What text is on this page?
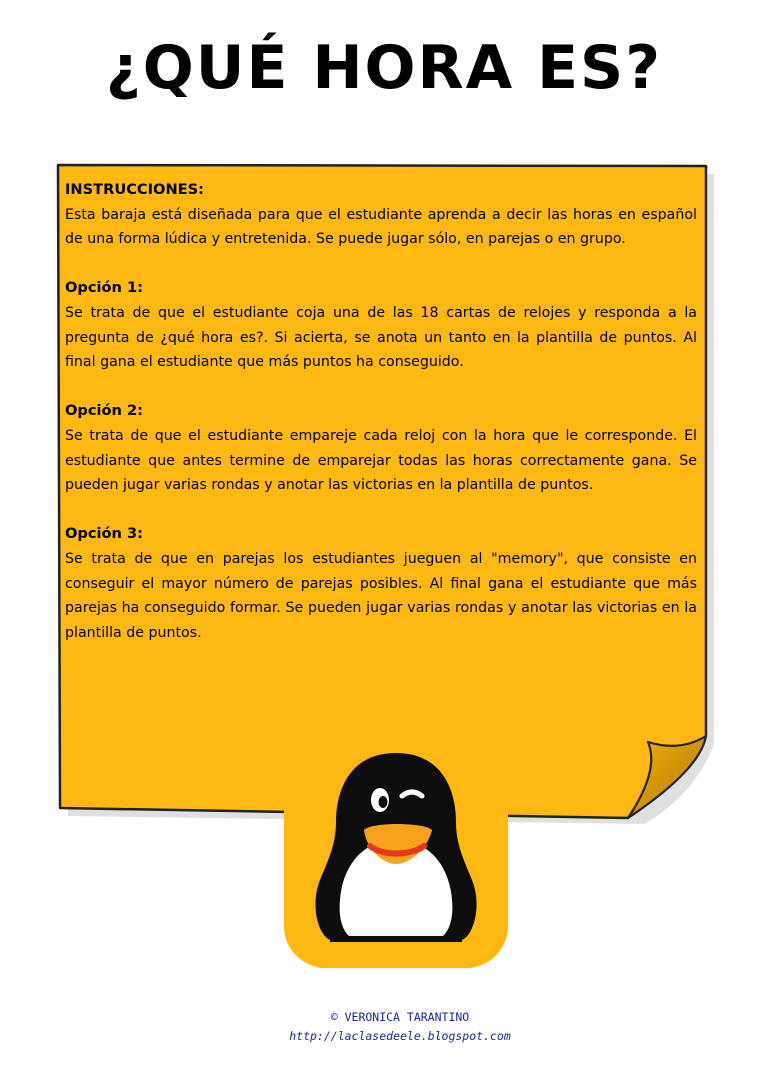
¿QUÉ HORA ES?
INSTRUCCIONES:

Esta baraja está diseñada para que el estudiante aprenda a decir las horas en español de una forma lúdica y entretenida. Se puede jugar sólo, en parejas o en grupo.

Opción 1:

Se trata de que el estudiante coja una de las 18 cartas de relojes y responda a la pregunta de ¿qué hora es?. Si acierta, se anota un tanto en la plantilla de puntos. Al final gana el estudiante que más puntos ha conseguido.

Opción 2:

Se trata de que el estudiante empareje cada reloj con la hora que le corresponde. El estudiante que antes termine de emparejar todas las horas correctamente gana. Se pueden jugar varias rondas y anotar las victorias en la plantilla de puntos.

Opción 3:

Se trata de que en parejas los estudiantes jueguen al "memory", que consiste en conseguir el mayor número de parejas posibles. Al final gana el estudiante que más parejas ha conseguido formar. Se pueden jugar varias rondas y anotar las victorias en la plantilla de puntos.

© VERONICA TARANTINO
http://laclasedeele.blogspot.com
